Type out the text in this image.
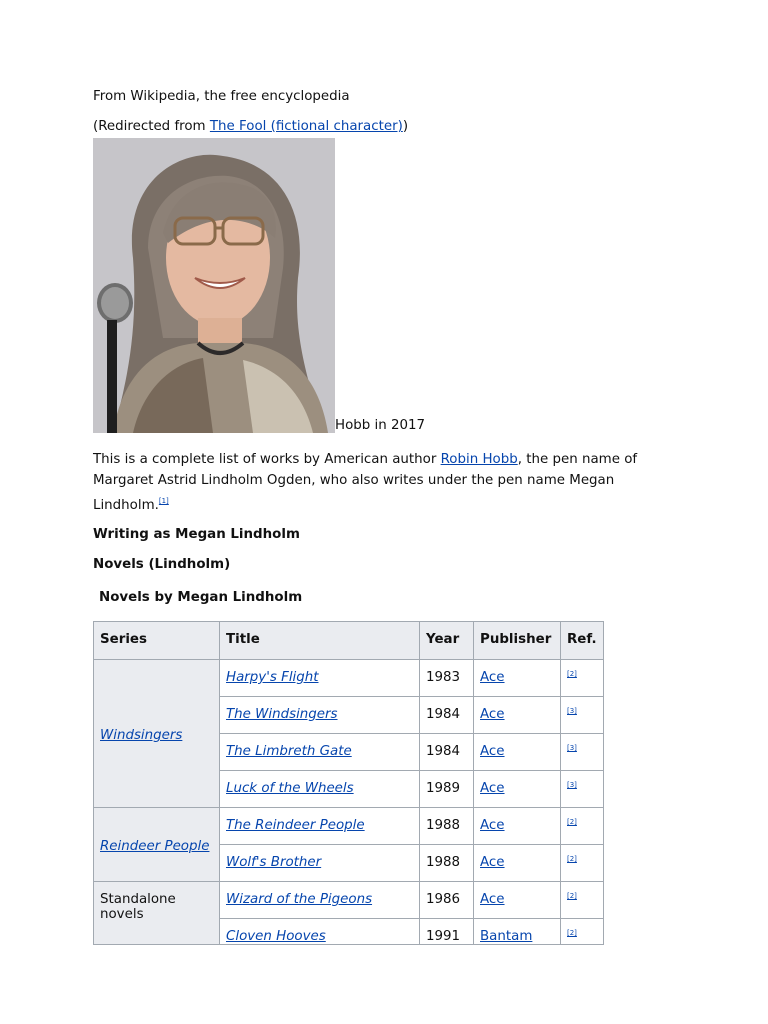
From Wikipedia, the free encyclopedia

(Redirected from The Fool (fictional character))

Hobb in 2017

This is a complete list of works by American author Robin Hobb, the pen name of Margaret Astrid Lindholm Ogden, who also writes under the pen name Megan Lindholm.[1]

Writing as Megan Lindholm

Novels (Lindholm)

Novels by Megan Lindholm

Series	Title	Year	Publisher	Ref.
Windsingers	Harpy's Flight	1983	Ace	[2]
	The Windsingers	1984	Ace	[3]
	The Limbreth Gate	1984	Ace	[3]
	Luck of the Wheels	1989	Ace	[3]
Reindeer People	The Reindeer People	1988	Ace	[2]
	Wolf's Brother	1988	Ace	[2]
Standalone novels	Wizard of the Pigeons	1986	Ace	[2]
	Cloven Hooves	1991	Bantam	[2]
